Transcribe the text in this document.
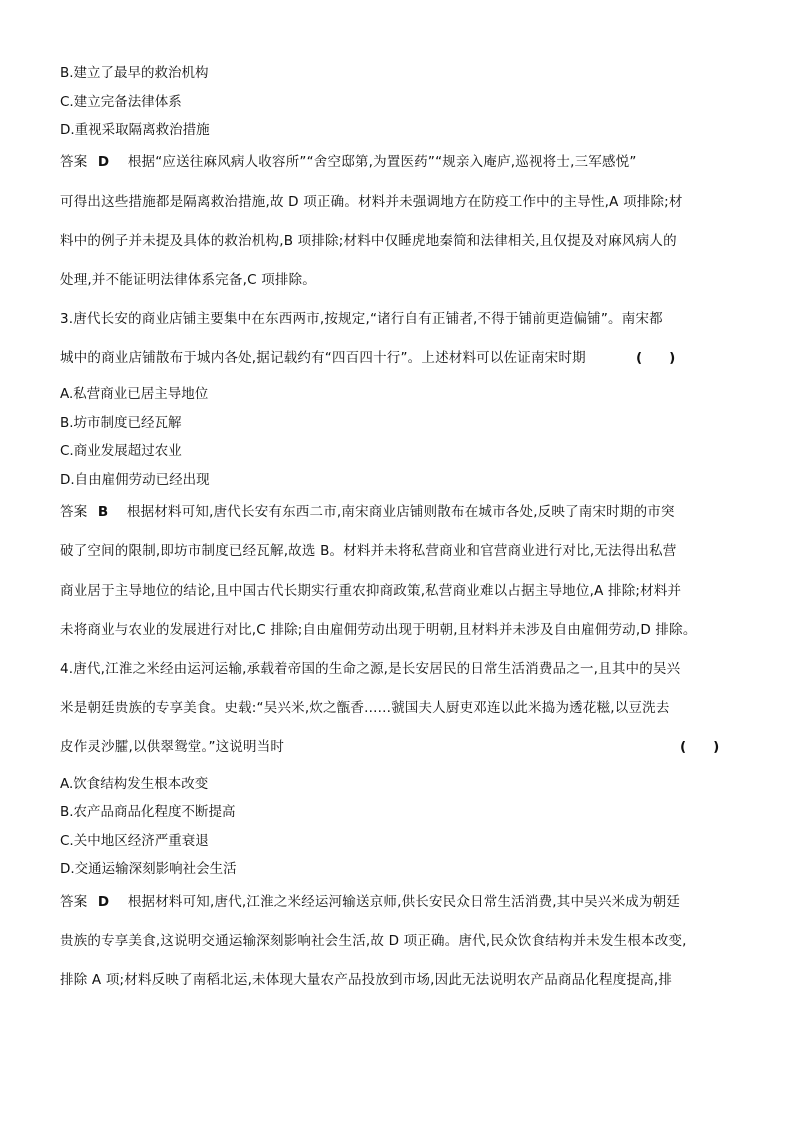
B.建立了最早的救治机构
C.建立完备法律体系
D.重视采取隔离救治措施
答案 D 根据“应送往麻风病人收容所”“舍空邸第,为置医药”“规亲入庵庐,巡视将士,三军感悦”
可得出这些措施都是隔离救治措施,故 D 项正确。材料并未强调地方在防疫工作中的主导性,A 项排除;材
料中的例子并未提及具体的救治机构,B 项排除;材料中仅睡虎地秦简和法律相关,且仅提及对麻风病人的
处理,并不能证明法律体系完备,C 项排除。
3.唐代长安的商业店铺主要集中在东西两市,按规定,“诸行自有正铺者,不得于铺前更造偏铺”。南宋都
城中的商业店铺散布于城内各处,据记载约有“四百四十行”。上述材料可以佐证南宋时期	(　　)
A.私营商业已居主导地位
B.坊市制度已经瓦解
C.商业发展超过农业
D.自由雇佣劳动已经出现
答案 B 根据材料可知,唐代长安有东西二市,南宋商业店铺则散布在城市各处,反映了南宋时期的市突
破了空间的限制,即坊市制度已经瓦解,故选 B。材料并未将私营商业和官营商业进行对比,无法得出私营
商业居于主导地位的结论,且中国古代长期实行重农抑商政策,私营商业难以占据主导地位,A 排除;材料并
未将商业与农业的发展进行对比,C 排除;自由雇佣劳动出现于明朝,且材料并未涉及自由雇佣劳动,D 排除。
4.唐代,江淮之米经由运河运输,承载着帝国的生命之源,是长安居民的日常生活消费品之一,且其中的吴兴
米是朝廷贵族的专享美食。史载:“吴兴米,炊之甑香......虢国夫人厨吏邓连以此米捣为透花糍,以豆洗去
皮作灵沙臛,以供翠鸳堂。”这说明当时	(　　)
A.饮食结构发生根本改变
B.农产品商品化程度不断提高
C.关中地区经济严重衰退
D.交通运输深刻影响社会生活
答案 D 根据材料可知,唐代,江淮之米经运河输送京师,供长安民众日常生活消费,其中吴兴米成为朝廷
贵族的专享美食,这说明交通运输深刻影响社会生活,故 D 项正确。唐代,民众饮食结构并未发生根本改变,
排除 A 项;材料反映了南稻北运,未体现大量农产品投放到市场,因此无法说明农产品商品化程度提高,排
